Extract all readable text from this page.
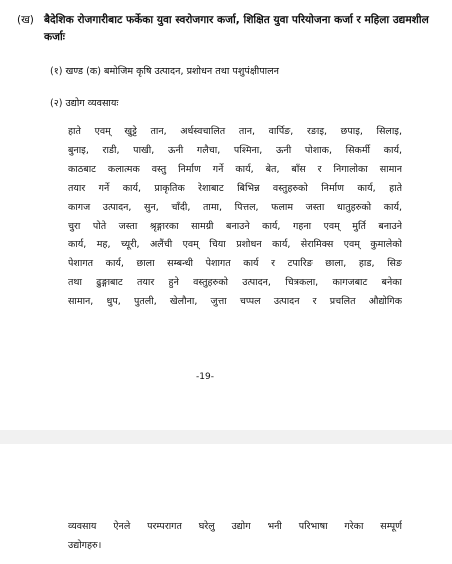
(ख) बैदेशिक रोजगारीबाट फर्केका युवा स्वरोजगार कर्जा, शिक्षित युवा परियोजना कर्जा र महिला उद्यमशील कर्जाः
(१) खण्ड (क) बमोजिम कृषि उत्पादन, प्रशोधन तथा पशुपंक्षीपालन
(२) उद्योग व्यवसायः
हाते एवम् खुट्टे तान, अर्धस्वचालित तान, वार्पिङ, रङाइ, छपाइ, सिलाइ,
बुनाइ, राडी, पाखी, ऊनी गलैचा, पश्मिना, ऊनी पोशाक, सिकर्मी कार्य,
काठबाट कलात्मक वस्तु निर्माण गर्ने कार्य, बेत, बाँस र निगालोका सामान
तयार गर्ने कार्य, प्राकृतिक रेशाबाट बिभिन्न वस्तुहरुको निर्माण कार्य, हाते
कागज उत्पादन, सुन, चाँदी, तामा, पित्तल, फलाम जस्ता धातुहरुको कार्य,
चुरा पोते जस्ता श्रृङ्गारका सामग्री बनाउने कार्य, गहना एवम् मुर्ति बनाउने
कार्य, मह, च्यूरी, अलैंची एवम् चिया प्रशोधन कार्य, सेरामिक्स एवम् कुमालेको
पेशागत कार्य, छाला सम्बन्धी पेशागत कार्य र टपारिङ छाला, हाड, सिङ
तथा ढुङ्गाबाट तयार हुने वस्तुहरुको उत्पादन, चित्रकला, कागजबाट बनेका
सामान, धुप, पुतली, खेलौना, जुत्ता चप्पल उत्पादन र प्रचलित औद्योगिक
-19-
व्यवसाय ऐनले परम्परागत घरेलु उद्योग भनी परिभाषा गरेका सम्पूर्ण
उद्योगहरु।
